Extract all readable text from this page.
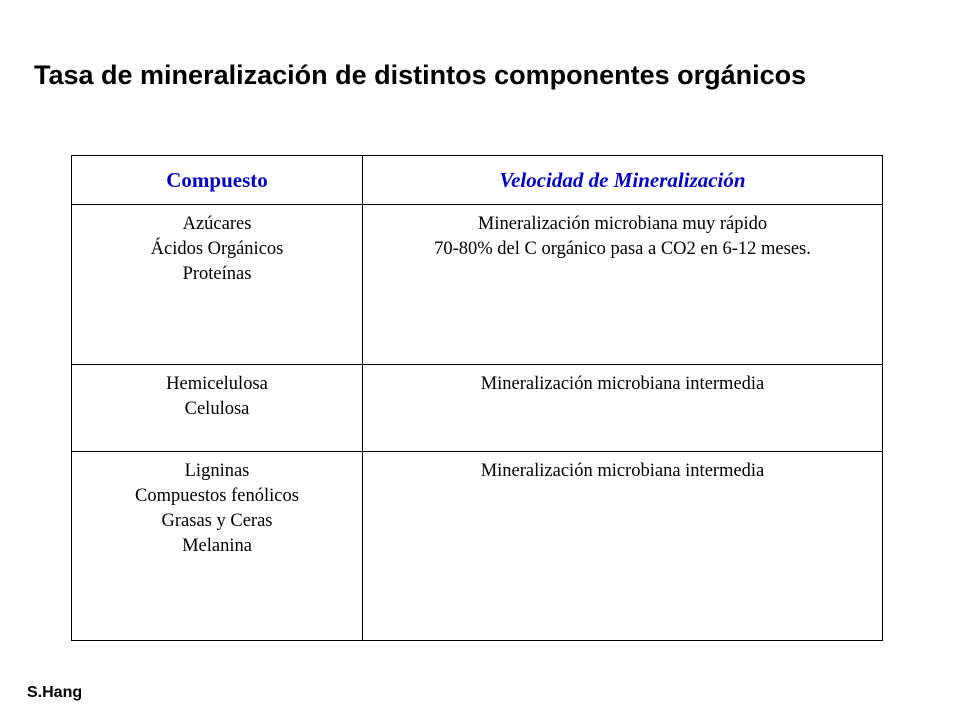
Tasa de mineralización de distintos componentes orgánicos
Compuesto	Velocidad de Mineralización

Azúcares
Ácidos Orgánicos
Proteínas	Mineralización microbiana muy rápido
70-80% del C orgánico pasa a CO2 en 6-12 meses.

Hemicelulosa
Celulosa	Mineralización microbiana intermedia

Ligninas
Compuestos fenólicos
Grasas y Ceras
Melanina	Mineralización microbiana intermedia
S.Hang
